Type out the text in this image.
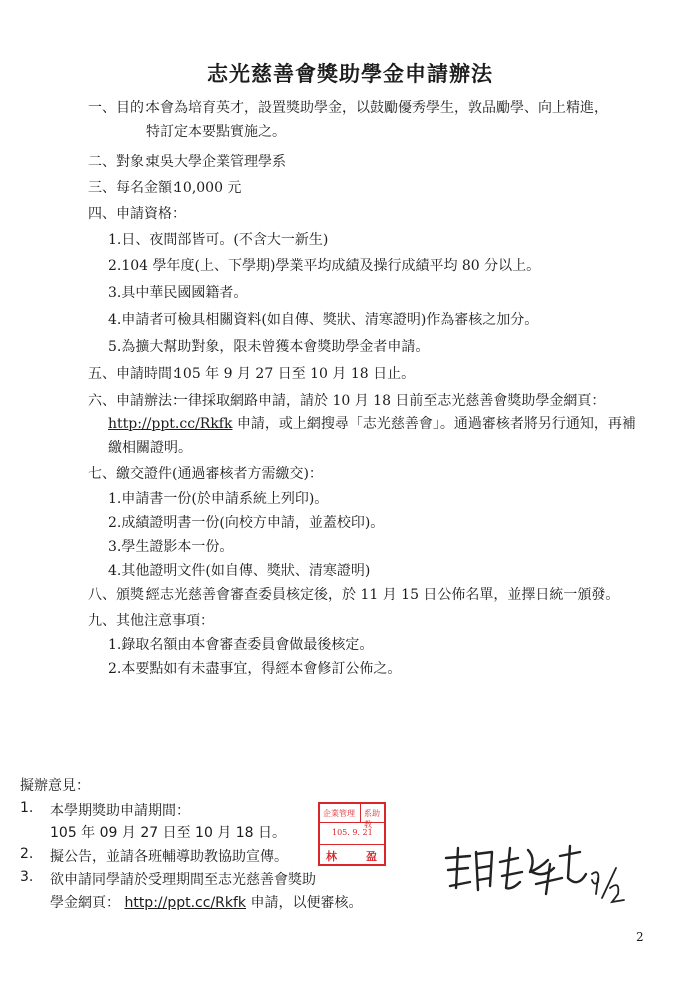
志光慈善會獎助學金申請辦法
一、目的：
本會為培育英才，設置獎助學金，以鼓勵優秀學生，敦品勵學、向上精進，
特訂定本要點實施之。
二、對象：
東吳大學企業管理學系
三、每名金額：
10,000 元
四、申請資格：
1.日、夜間部皆可。(不含大一新生)
2.104 學年度(上、下學期)學業平均成績及操行成績平均 80 分以上。
3.具中華民國國籍者。
4.申請者可檢具相關資料(如自傳、獎狀、清寒證明)作為審核之加分。
5.為擴大幫助對象，限未曾獲本會獎助學金者申請。
五、申請時間：
105 年 9 月 27 日至 10 月 18 日止。
六、申請辦法：
一律採取網路申請，請於 10 月 18 日前至志光慈善會獎助學金網頁：
http://ppt.cc/Rkfk 申請，或上網搜尋「志光慈善會」。通過審核者將另行通知，再補
繳相關證明。
七、繳交證件(通過審核者方需繳交)：
1.申請書一份(於申請系統上列印)。
2.成績證明書一份(向校方申請，並蓋校印)。
3.學生證影本一份。
4.其他證明文件(如自傳、獎狀、清寒證明)
八、頒獎：
經志光慈善會審查委員核定後，於 11 月 15 日公佈名單，並擇日統一頒發。
九、其他注意事項：
1.錄取名額由本會審查委員會做最後核定。
2.本要點如有未盡事宜，得經本會修訂公佈之。
擬辦意見：
1. 本學期獎助申請期間：
105 年 09 月 27 日至 10 月 18 日。
2. 擬公告，並請各班輔導助教協助宣傳。
3. 欲申請同學請於受理期間至志光慈善會獎助
學金網頁： http://ppt.cc/Rkfk 申請，以便審核。
企業管理 系助教
105. 9. 21
林	盈
2
